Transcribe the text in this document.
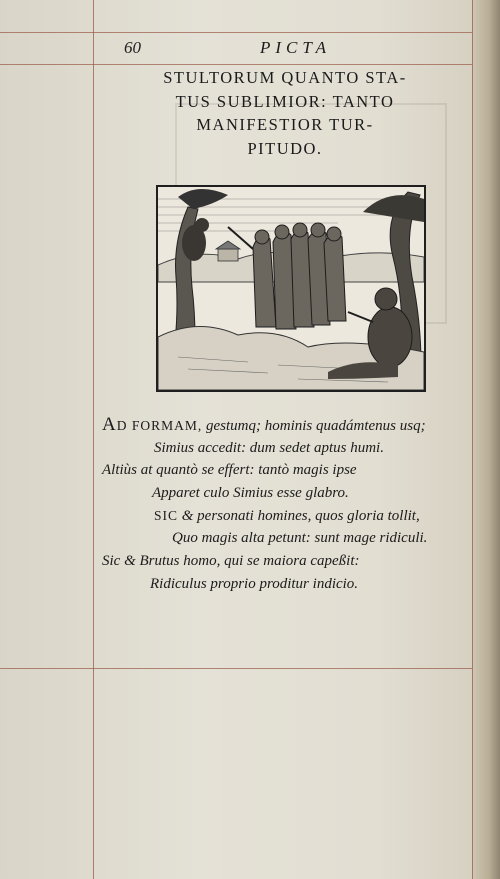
60	PICTA
STULTORUM QUANTO STA-
TUS SUBLIMIOR: TANTO
MANIFESTIOR TUR-
PITUDO.
AD FORMAM, gestumq; hominis quadámtenus usq;
Simius accedit: dum sedet aptus humi.
Altiùs at quantò se effert: tantò magis ipse
Apparet culo Simius esse glabro.
SIC & personati homines, quos gloria tollit,
Quo magis alta petunt: sunt mage ridiculi.
Sic & Brutus homo, qui se maiora capeßit:
Ridiculus proprio proditur indicio.
